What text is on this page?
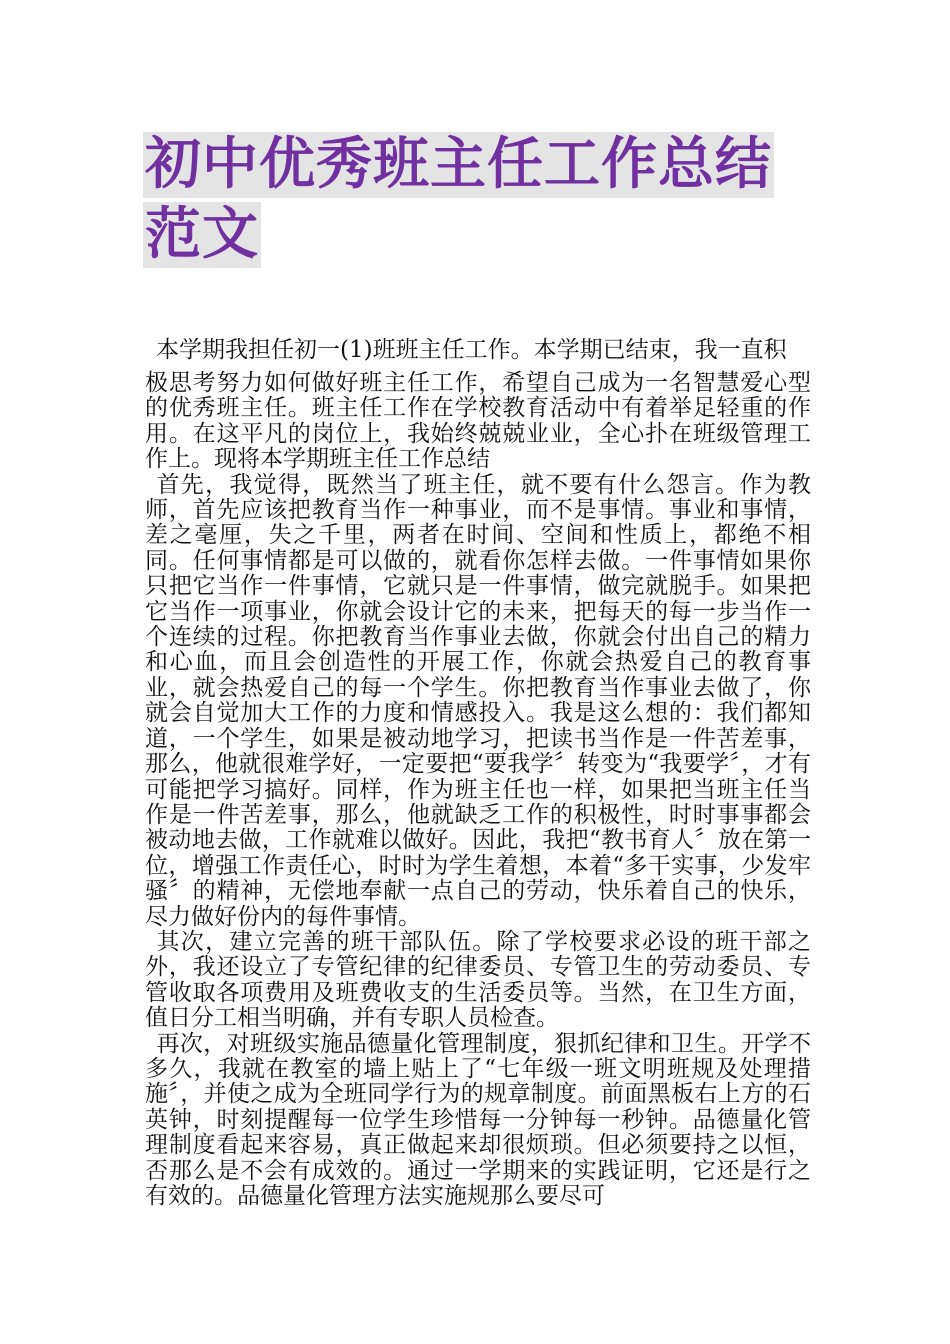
初中优秀班主任工作总结
范文
本学期我担任初一(1)班班主任工作。本学期已结束，我一直积

极思考努力如何做好班主任工作，希望自己成为一名智慧爱心型的优秀班主任。班主任工作在学校教育活动中有着举足轻重的作用。在这平凡的岗位上，我始终兢兢业业，全心扑在班级管理工作上。现将本学期班主任工作总结

首先，我觉得，既然当了班主任，就不要有什么怨言。作为教师，首先应该把教育当作一种事业，而不是事情。事业和事情，差之毫厘，失之千里，两者在时间、空间和性质上，都绝不相同。任何事情都是可以做的，就看你怎样去做。一件事情如果你只把它当作一件事情，它就只是一件事情，做完就脱手。如果把它当作一项事业，你就会设计它的未来，把每天的每一步当作一个连续的过程。你把教育当作事业去做，你就会付出自己的精力和心血，而且会创造性的开展工作，你就会热爱自己的教育事业，就会热爱自己的每一个学生。你把教育当作事业去做了，你就会自觉加大工作的力度和情感投入。我是这么想的：我们都知道，一个学生，如果是被动地学习，把读书当作是一件苦差事，那么，他就很难学好，一定要把“要我学〞转变为“我要学〞，才有可能把学习搞好。同样，作为班主任也一样，如果把当班主任当作是一件苦差事，那么，他就缺乏工作的积极性，时时事事都会被动地去做，工作就难以做好。因此，我把“教书育人〞放在第一位，增强工作责任心，时时为学生着想，本着“多干实事，少发牢骚〞的精神，无偿地奉献一点自己的劳动，快乐着自己的快乐，尽力做好份内的每件事情。

其次，建立完善的班干部队伍。除了学校要求必设的班干部之外，我还设立了专管纪律的纪律委员、专管卫生的劳动委员、专管收取各项费用及班费收支的生活委员等。当然，在卫生方面，值日分工相当明确，并有专职人员检查。

再次，对班级实施品德量化管理制度，狠抓纪律和卫生。开学不多久，我就在教室的墙上贴上了“七年级一班文明班规及处理措施〞，并使之成为全班同学行为的规章制度。前面黑板右上方的石英钟，时刻提醒每一位学生珍惜每一分钟每一秒钟。品德量化管理制度看起来容易，真正做起来却很烦琐。但必须要持之以恒，否那么是不会有成效的。通过一学期来的实践证明，它还是行之有效的。品德量化管理方法实施规那么要尽可
